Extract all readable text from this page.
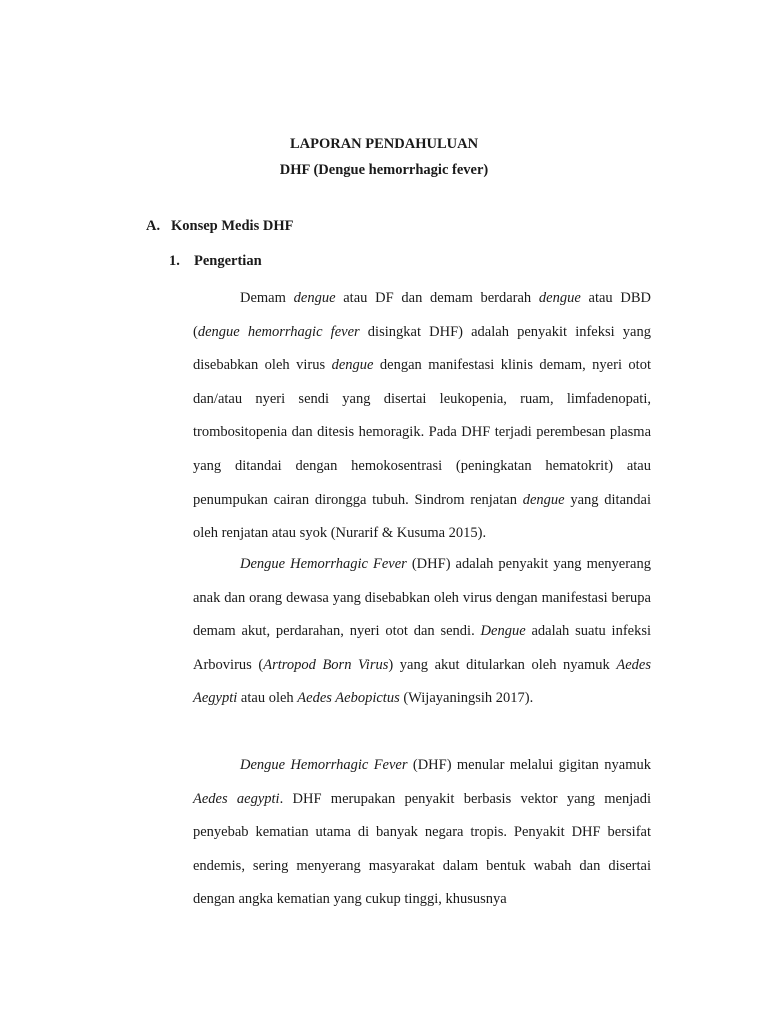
LAPORAN PENDAHULUAN
DHF (Dengue hemorrhagic fever)
A. Konsep Medis DHF
1. Pengertian

Demam dengue atau DF dan demam berdarah dengue atau DBD (dengue hemorrhagic fever disingkat DHF) adalah penyakit infeksi yang disebabkan oleh virus dengue dengan manifestasi klinis demam, nyeri otot dan/atau nyeri sendi yang disertai leukopenia, ruam, limfadenopati, trombositopenia dan ditesis hemoragik. Pada DHF terjadi perembesan plasma yang ditandai dengan hemokosentrasi (peningkatan hematokrit) atau penumpukan cairan dirongga tubuh. Sindrom renjatan dengue yang ditandai oleh renjatan atau syok (Nurarif & Kusuma 2015).

Dengue Hemorrhagic Fever (DHF) adalah penyakit yang menyerang anak dan orang dewasa yang disebabkan oleh virus dengan manifestasi berupa demam akut, perdarahan, nyeri otot dan sendi. Dengue adalah suatu infeksi Arbovirus (Artropod Born Virus) yang akut ditularkan oleh nyamuk Aedes Aegypti atau oleh Aedes Aebopictus (Wijayaningsih 2017).

Dengue Hemorrhagic Fever (DHF) menular melalui gigitan nyamuk Aedes aegypti. DHF merupakan penyakit berbasis vektor yang menjadi penyebab kematian utama di banyak negara tropis. Penyakit DHF bersifat endemis, sering menyerang masyarakat dalam bentuk wabah dan disertai dengan angka kematian yang cukup tinggi, khususnya
